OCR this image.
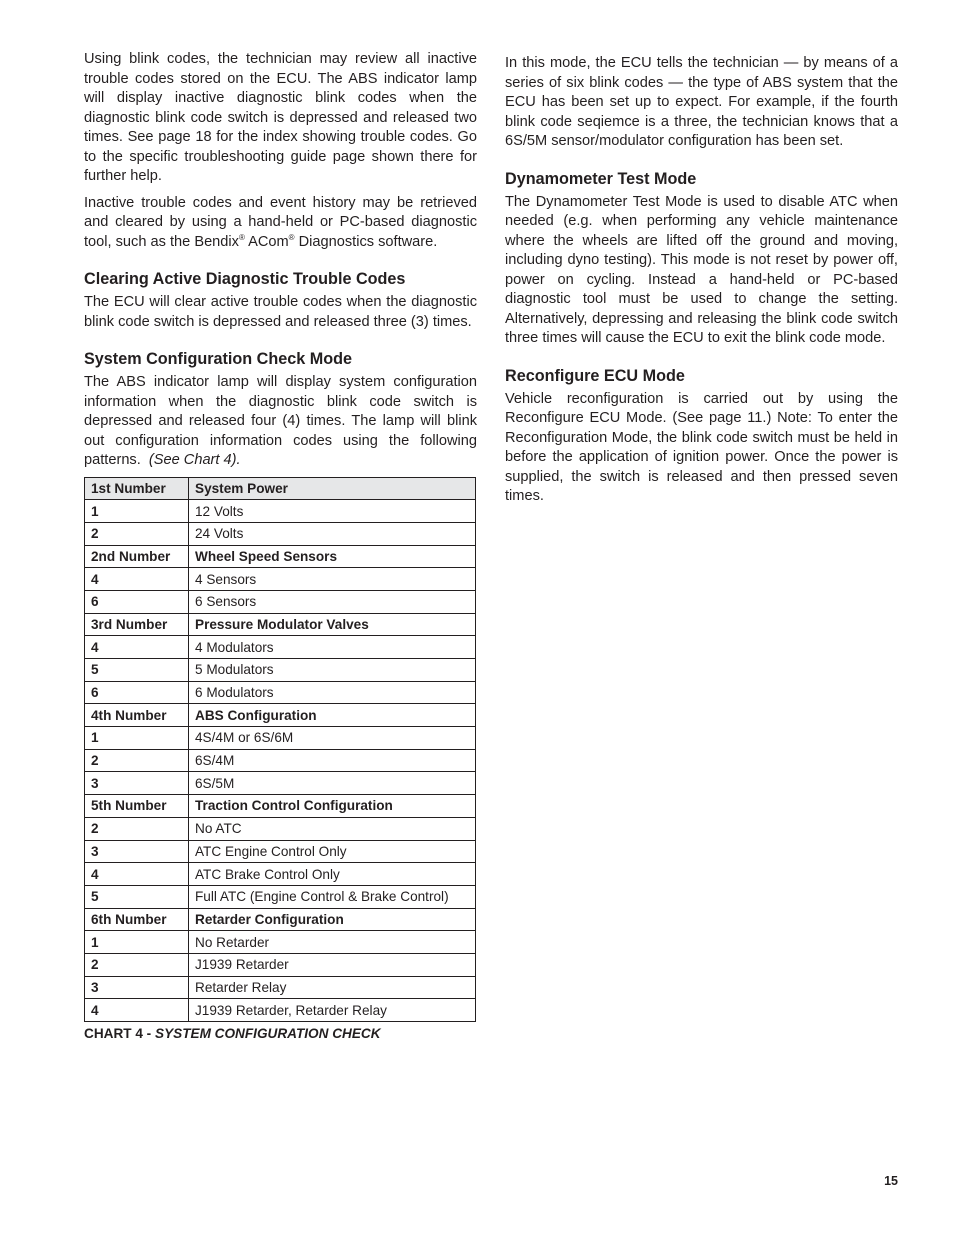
Using blink codes, the technician may review all inactive trouble codes stored on the ECU. The ABS indicator lamp will display inactive diagnostic blink codes when the diagnostic blink code switch is depressed and released two times. See page 18 for the index showing trouble codes. Go to the specific troubleshooting guide page shown there for further help.

Inactive trouble codes and event history may be retrieved and cleared by using a hand-held or PC-based diagnostic tool, such as the Bendix® ACom® Diagnostics software.

Clearing Active Diagnostic Trouble Codes

The ECU will clear active trouble codes when the diagnostic blink code switch is depressed and released three (3) times.

System Configuration Check Mode

The ABS indicator lamp will display system configuration information when the diagnostic blink code switch is depressed and released four (4) times. The lamp will blink out configuration information codes using the following patterns. (See Chart 4).

1st Number	System Power
1	12 Volts
2	24 Volts
2nd Number	Wheel Speed Sensors
4	4 Sensors
6	6 Sensors
3rd Number	Pressure Modulator Valves
4	4 Modulators
5	5 Modulators
6	6 Modulators
4th Number	ABS Configuration
1	4S/4M or 6S/6M
2	6S/4M
3	6S/5M
5th Number	Traction Control Configuration
2	No ATC
3	ATC Engine Control Only
4	ATC Brake Control Only
5	Full ATC (Engine Control & Brake Control)
6th Number	Retarder Configuration
1	No Retarder
2	J1939 Retarder
3	Retarder Relay
4	J1939 Retarder, Retarder Relay
CHART 4 - SYSTEM CONFIGURATION CHECK

In this mode, the ECU tells the technician — by means of a series of six blink codes — the type of ABS system that the ECU has been set up to expect. For example, if the fourth blink code seqiemce is a three, the technician knows that a 6S/5M sensor/modulator configuration has been set.

Dynamometer Test Mode

The Dynamometer Test Mode is used to disable ATC when needed (e.g. when performing any vehicle maintenance where the wheels are lifted off the ground and moving, including dyno testing). This mode is not reset by power off, power on cycling. Instead a hand-held or PC-based diagnostic tool must be used to change the setting. Alternatively, depressing and releasing the blink code switch three times will cause the ECU to exit the blink code mode.

Reconfigure ECU Mode

Vehicle reconfiguration is carried out by using the Reconfigure ECU Mode. (See page 11.) Note: To enter the Reconfiguration Mode, the blink code switch must be held in before the application of ignition power. Once the power is supplied, the switch is released and then pressed seven times.

15
